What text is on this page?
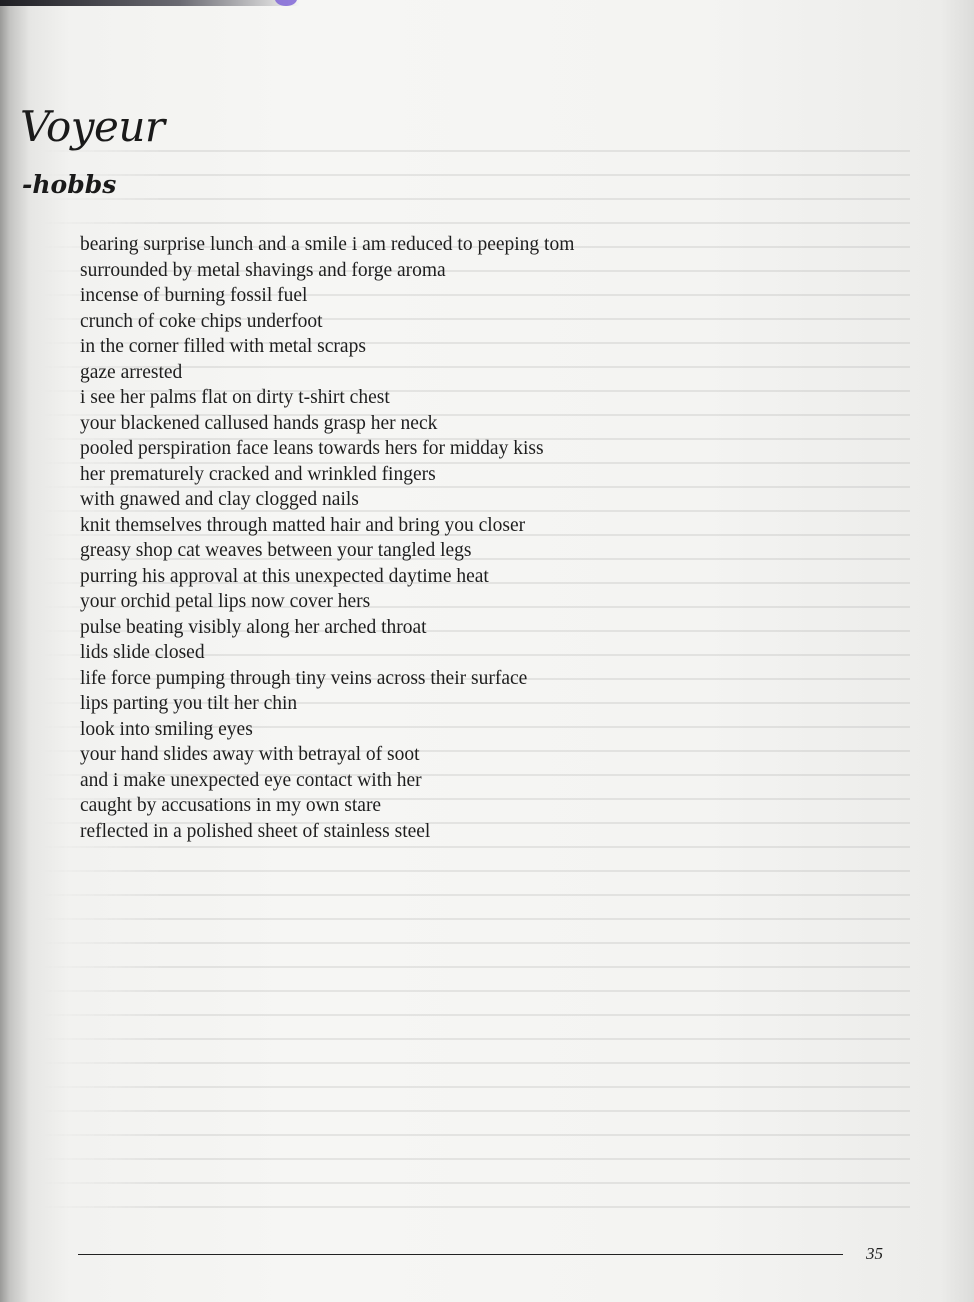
Voyeur
-hobbs
bearing surprise lunch and a smile i am reduced to peeping tom
surrounded by metal shavings and forge aroma
incense of burning fossil fuel
crunch of coke chips underfoot
in the corner filled with metal scraps
gaze arrested
i see her palms flat on dirty t-shirt chest
your blackened callused hands grasp her neck
pooled perspiration face leans towards hers for midday kiss
her prematurely cracked and wrinkled fingers
with gnawed and clay clogged nails
knit themselves through matted hair and bring you closer
greasy shop cat weaves between your tangled legs
purring his approval at this unexpected daytime heat
your orchid petal lips now cover hers
pulse beating visibly along her arched throat
lids slide closed
life force pumping through tiny veins across their surface
lips parting you tilt her chin
look into smiling eyes
your hand slides away with betrayal of soot
and i make unexpected eye contact with her
caught by accusations in my own stare
reflected in a polished sheet of stainless steel
35
